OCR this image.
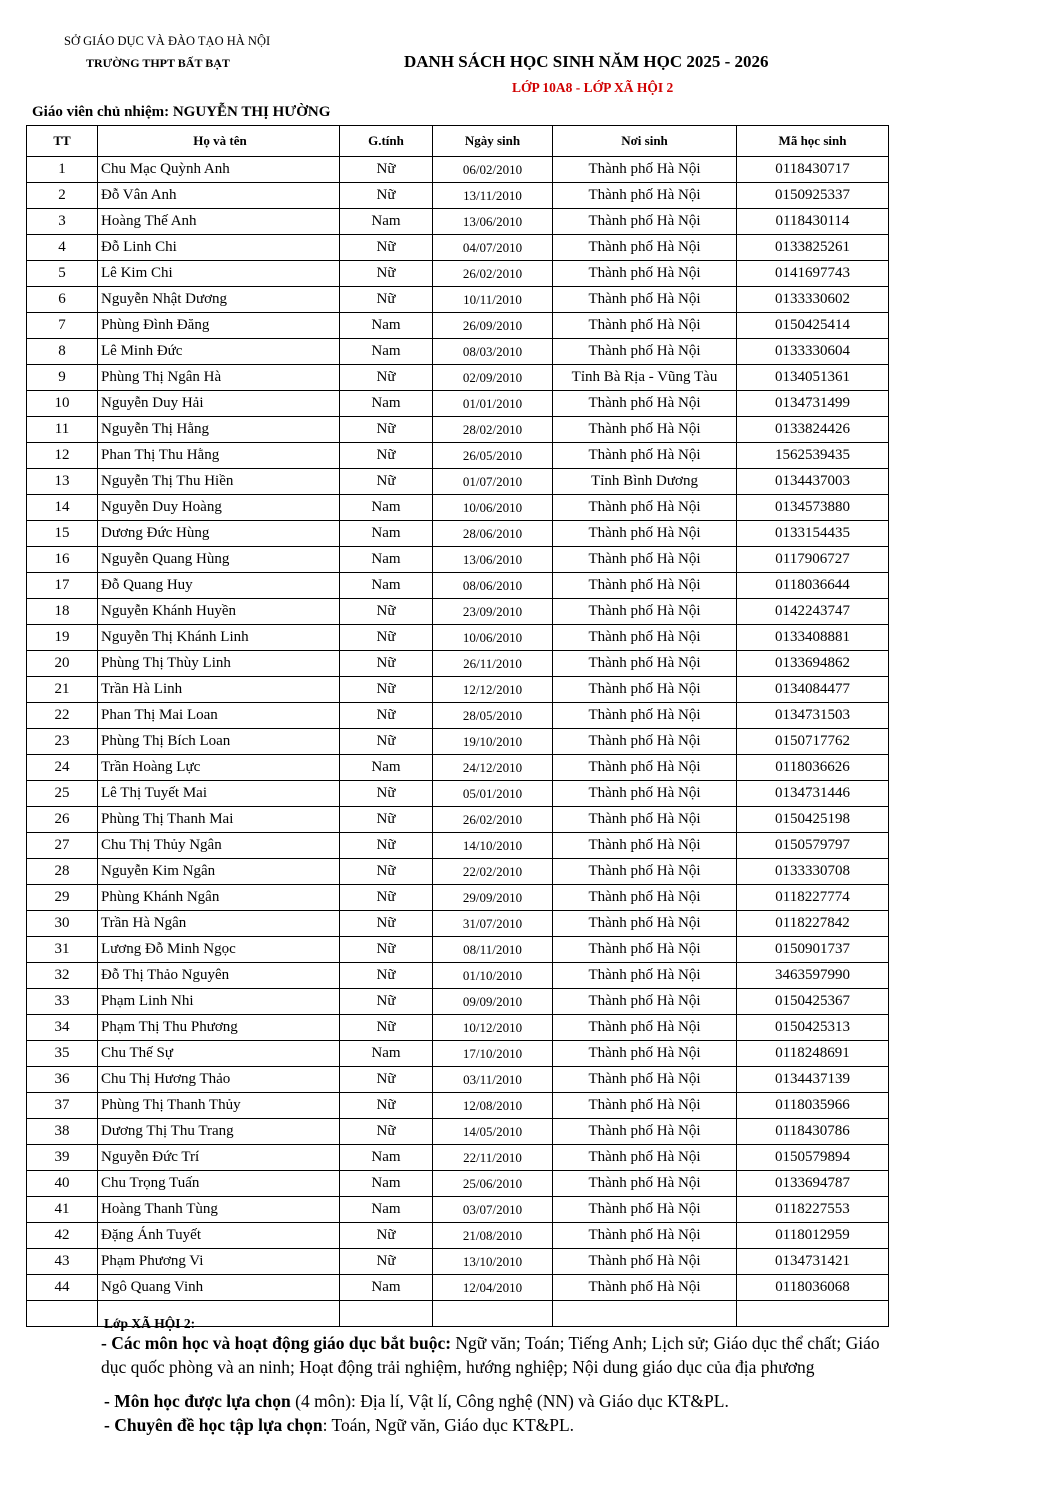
SỞ GIÁO DỤC VÀ ĐÀO TẠO HÀ NỘI
TRƯỜNG THPT BẤT BẠT	DANH SÁCH HỌC SINH NĂM HỌC 2025 - 2026
LỚP 10A8 - LỚP XÃ HỘI 2
Giáo viên chủ nhiệm: NGUYỄN THỊ HƯỜNG
TT	Họ và tên	G.tính	Ngày sinh	Nơi sinh	Mã học sinh
1	Chu Mạc Quỳnh Anh	Nữ	06/02/2010	Thành phố Hà Nội	0118430717
2	Đỗ Vân Anh	Nữ	13/11/2010	Thành phố Hà Nội	0150925337
3	Hoàng Thế Anh	Nam	13/06/2010	Thành phố Hà Nội	0118430114
4	Đỗ Linh Chi	Nữ	04/07/2010	Thành phố Hà Nội	0133825261
5	Lê Kim Chi	Nữ	26/02/2010	Thành phố Hà Nội	0141697743
6	Nguyễn Nhật Dương	Nữ	10/11/2010	Thành phố Hà Nội	0133330602
7	Phùng Đình Đăng	Nam	26/09/2010	Thành phố Hà Nội	0150425414
8	Lê Minh Đức	Nam	08/03/2010	Thành phố Hà Nội	0133330604
9	Phùng Thị Ngân Hà	Nữ	02/09/2010	Tỉnh Bà Rịa - Vũng Tàu	0134051361
10	Nguyễn Duy Hải	Nam	01/01/2010	Thành phố Hà Nội	0134731499
11	Nguyễn Thị Hằng	Nữ	28/02/2010	Thành phố Hà Nội	0133824426
12	Phan Thị Thu Hằng	Nữ	26/05/2010	Thành phố Hà Nội	1562539435
13	Nguyễn Thị Thu Hiền	Nữ	01/07/2010	Tỉnh Bình Dương	0134437003
14	Nguyễn Duy Hoàng	Nam	10/06/2010	Thành phố Hà Nội	0134573880
15	Dương Đức Hùng	Nam	28/06/2010	Thành phố Hà Nội	0133154435
16	Nguyễn Quang Hùng	Nam	13/06/2010	Thành phố Hà Nội	0117906727
17	Đỗ Quang Huy	Nam	08/06/2010	Thành phố Hà Nội	0118036644
18	Nguyễn Khánh Huyền	Nữ	23/09/2010	Thành phố Hà Nội	0142243747
19	Nguyễn Thị Khánh Linh	Nữ	10/06/2010	Thành phố Hà Nội	0133408881
20	Phùng Thị Thùy Linh	Nữ	26/11/2010	Thành phố Hà Nội	0133694862
21	Trần Hà Linh	Nữ	12/12/2010	Thành phố Hà Nội	0134084477
22	Phan Thị Mai Loan	Nữ	28/05/2010	Thành phố Hà Nội	0134731503
23	Phùng Thị Bích Loan	Nữ	19/10/2010	Thành phố Hà Nội	0150717762
24	Trần Hoàng Lực	Nam	24/12/2010	Thành phố Hà Nội	0118036626
25	Lê Thị Tuyết Mai	Nữ	05/01/2010	Thành phố Hà Nội	0134731446
26	Phùng Thị Thanh Mai	Nữ	26/02/2010	Thành phố Hà Nội	0150425198
27	Chu Thị Thủy Ngân	Nữ	14/10/2010	Thành phố Hà Nội	0150579797
28	Nguyễn Kim Ngân	Nữ	22/02/2010	Thành phố Hà Nội	0133330708
29	Phùng Khánh Ngân	Nữ	29/09/2010	Thành phố Hà Nội	0118227774
30	Trần Hà Ngân	Nữ	31/07/2010	Thành phố Hà Nội	0118227842
31	Lương Đỗ Minh Ngọc	Nữ	08/11/2010	Thành phố Hà Nội	0150901737
32	Đỗ Thị Thảo Nguyên	Nữ	01/10/2010	Thành phố Hà Nội	3463597990
33	Phạm Linh Nhi	Nữ	09/09/2010	Thành phố Hà Nội	0150425367
34	Phạm Thị Thu Phương	Nữ	10/12/2010	Thành phố Hà Nội	0150425313
35	Chu Thế Sự	Nam	17/10/2010	Thành phố Hà Nội	0118248691
36	Chu Thị Hương Thảo	Nữ	03/11/2010	Thành phố Hà Nội	0134437139
37	Phùng Thị Thanh Thủy	Nữ	12/08/2010	Thành phố Hà Nội	0118035966
38	Dương Thị Thu Trang	Nữ	14/05/2010	Thành phố Hà Nội	0118430786
39	Nguyễn Đức Trí	Nam	22/11/2010	Thành phố Hà Nội	0150579894
40	Chu Trọng Tuấn	Nam	25/06/2010	Thành phố Hà Nội	0133694787
41	Hoàng Thanh Tùng	Nam	03/07/2010	Thành phố Hà Nội	0118227553
42	Đặng Ánh Tuyết	Nữ	21/08/2010	Thành phố Hà Nội	0118012959
43	Phạm Phương Vi	Nữ	13/10/2010	Thành phố Hà Nội	0134731421
44	Ngô Quang Vinh	Nam	12/04/2010	Thành phố Hà Nội	0118036068

Lớp XÃ HỘI 2:
- Các môn học và hoạt động giáo dục bắt buộc: Ngữ văn; Toán; Tiếng Anh; Lịch sử; Giáo dục thể chất; Giáo dục quốc phòng và an ninh; Hoạt động trải nghiệm, hướng nghiệp; Nội dung giáo dục của địa phương
- Môn học được lựa chọn (4 môn): Địa lí, Vật lí, Công nghệ (NN) và Giáo dục KT&PL.
- Chuyên đề học tập lựa chọn: Toán, Ngữ văn, Giáo dục KT&PL.
